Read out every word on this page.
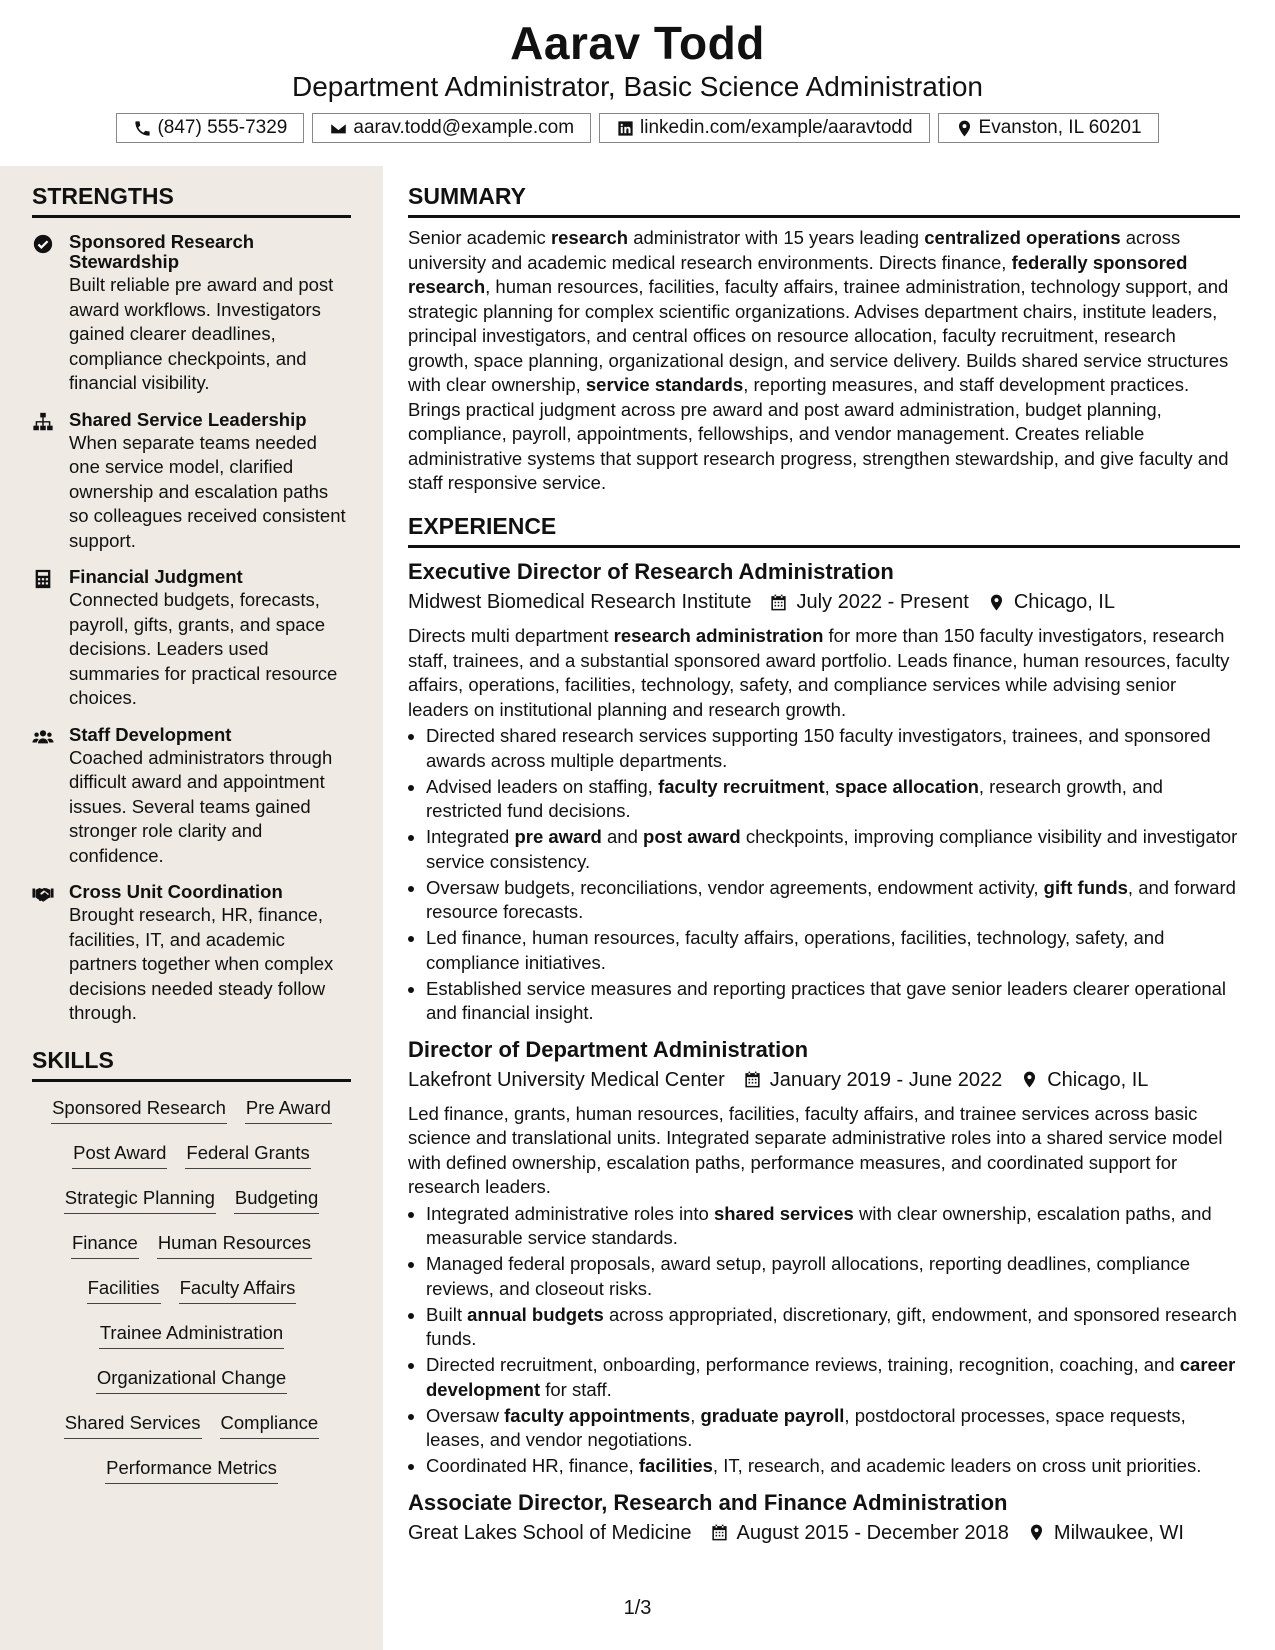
Aarav Todd
Department Administrator, Basic Science Administration
(847) 555-7329	aarav.todd@example.com	linkedin.com/example/aaravtodd	Evanston, IL 60201
STRENGTHS
Sponsored Research Stewardship
Built reliable pre award and post award workflows. Investigators gained clearer deadlines, compliance checkpoints, and financial visibility.
Shared Service Leadership
When separate teams needed one service model, clarified ownership and escalation paths so colleagues received consistent support.
Financial Judgment
Connected budgets, forecasts, payroll, gifts, grants, and space decisions. Leaders used summaries for practical resource choices.
Staff Development
Coached administrators through difficult award and appointment issues. Several teams gained stronger role clarity and confidence.
Cross Unit Coordination
Brought research, HR, finance, facilities, IT, and academic partners together when complex decisions needed steady follow through.
SKILLS
Sponsored Research Pre Award
Post Award Federal Grants
Strategic Planning Budgeting
Finance Human Resources
Facilities Faculty Affairs
Trainee Administration
Organizational Change
Shared Services Compliance
Performance Metrics
SUMMARY
Senior academic research administrator with 15 years leading centralized operations across university and academic medical research environments. Directs finance, federally sponsored research, human resources, facilities, faculty affairs, trainee administration, technology support, and strategic planning for complex scientific organizations. Advises department chairs, institute leaders, principal investigators, and central offices on resource allocation, faculty recruitment, research growth, space planning, organizational design, and service delivery. Builds shared service structures with clear ownership, service standards, reporting measures, and staff development practices. Brings practical judgment across pre award and post award administration, budget planning, compliance, payroll, appointments, fellowships, and vendor management. Creates reliable administrative systems that support research progress, strengthen stewardship, and give faculty and staff responsive service.
EXPERIENCE
Executive Director of Research Administration
Midwest Biomedical Research Institute July 2022 - Present Chicago, IL
Directs multi department research administration for more than 150 faculty investigators, research staff, trainees, and a substantial sponsored award portfolio. Leads finance, human resources, faculty affairs, operations, facilities, technology, safety, and compliance services while advising senior leaders on institutional planning and research growth.
• Directed shared research services supporting 150 faculty investigators, trainees, and sponsored awards across multiple departments.
• Advised leaders on staffing, faculty recruitment, space allocation, research growth, and restricted fund decisions.
• Integrated pre award and post award checkpoints, improving compliance visibility and investigator service consistency.
• Oversaw budgets, reconciliations, vendor agreements, endowment activity, gift funds, and forward resource forecasts.
• Led finance, human resources, faculty affairs, operations, facilities, technology, safety, and compliance initiatives.
• Established service measures and reporting practices that gave senior leaders clearer operational and financial insight.
Director of Department Administration
Lakefront University Medical Center January 2019 - June 2022 Chicago, IL
Led finance, grants, human resources, facilities, faculty affairs, and trainee services across basic science and translational units. Integrated separate administrative roles into a shared service model with defined ownership, escalation paths, performance measures, and coordinated support for research leaders.
• Integrated administrative roles into shared services with clear ownership, escalation paths, and measurable service standards.
• Managed federal proposals, award setup, payroll allocations, reporting deadlines, compliance reviews, and closeout risks.
• Built annual budgets across appropriated, discretionary, gift, endowment, and sponsored research funds.
• Directed recruitment, onboarding, performance reviews, training, recognition, coaching, and career development for staff.
• Oversaw faculty appointments, graduate payroll, postdoctoral processes, space requests, leases, and vendor negotiations.
• Coordinated HR, finance, facilities, IT, research, and academic leaders on cross unit priorities.
Associate Director, Research and Finance Administration
Great Lakes School of Medicine August 2015 - December 2018 Milwaukee, WI
1/3
